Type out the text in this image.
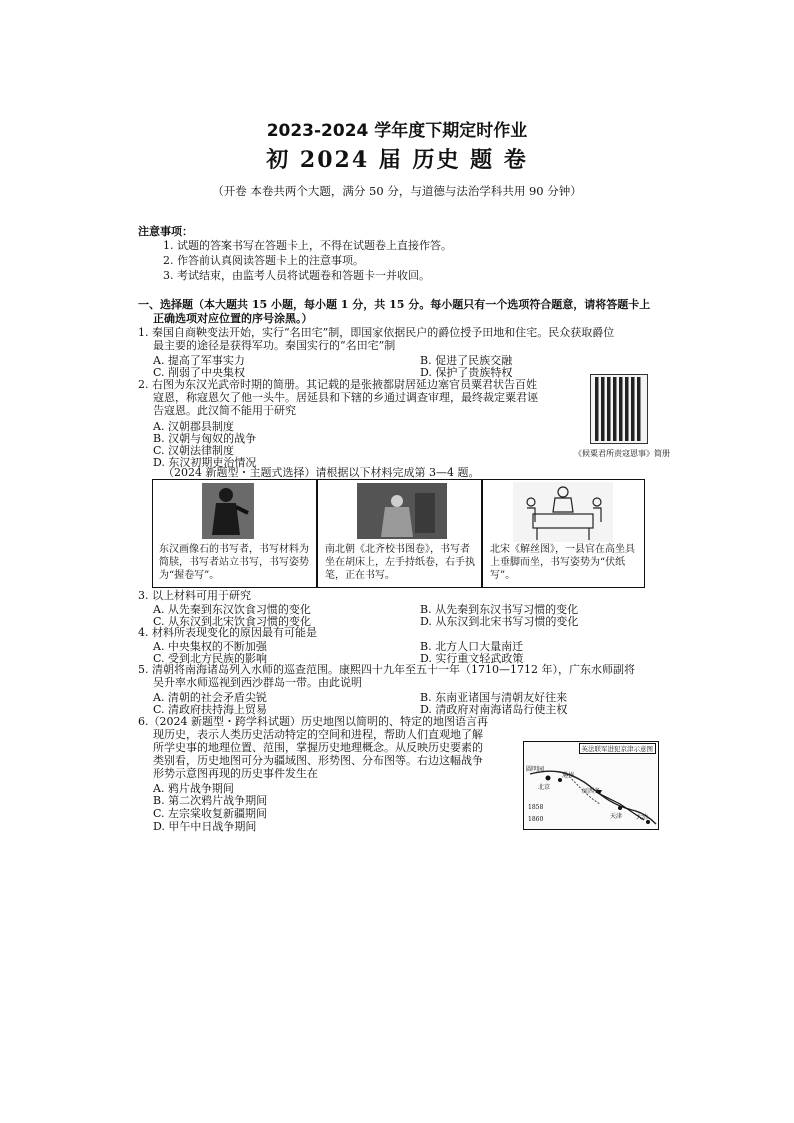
2023-2024 学年度下期定时作业
初 2024 届 历史 题 卷
（开卷 本卷共两个大题，满分 50 分，与道德与法治学科共用 90 分钟）
注意事项：
1. 试题的答案书写在答题卡上，不得在试题卷上直接作答。
2. 作答前认真阅读答题卡上的注意事项。
3. 考试结束，由监考人员将试题卷和答题卡一并收回。
一、选择题（本大题共 15 小题，每小题 1 分，共 15 分。每小题只有一个选项符合题意，请将答题卡上
正确选项对应位置的序号涂黑。）
1. 秦国自商鞅变法开始，实行“名田宅”制，即国家依据民户的爵位授予田地和住宅。民众获取爵位
最主要的途径是获得军功。秦国实行的“名田宅”制
A. 提高了军事实力	B. 促进了民族交融
C. 削弱了中央集权	D. 保护了贵族特权
2. 右图为东汉光武帝时期的简册。其记载的是张掖都尉居延边塞官员粟君状告百姓
寇恩，称寇恩欠了他一头牛。居延县和下辖的乡通过调查审理，最终裁定粟君诬
告寇恩。此汉简不能用于研究
A. 汉朝郡县制度
B. 汉朝与匈奴的战争
C. 汉朝法律制度
D. 东汉初期吏治情况
《候粟君所责寇恩事》简册
（2024 新题型・主题式选择）请根据以下材料完成第 3—4 题。
东汉画像石的书写者，书写材料为简牍，书写者站立书写，书写姿势为“握卷写”。
南北朝《北齐校书图卷》，书写者坐在胡床上，左手持纸卷，右手执笔，正在书写。
北宋《解丝图》，一县官在高坐具上垂脚而坐，书写姿势为“伏纸写”。
3. 以上材料可用于研究
A. 从先秦到东汉饮食习惯的变化	B. 从先秦到东汉书写习惯的变化
C. 从东汉到北宋饮食习惯的变化	D. 从东汉到北宋书写习惯的变化
4. 材料所表现变化的原因最有可能是
A. 中央集权的不断加强	B. 北方人口大量南迁
C. 受到北方民族的影响	D. 实行重文轻武政策
5. 清朝将南海诸岛列入水师的巡查范围。康熙四十九年至五十一年（1710—1712 年），广东水师副将
吴升率水师巡视到西沙群岛一带。由此说明
A. 清朝的社会矛盾尖锐	B. 东南亚诸国与清朝友好往来
C. 清政府扶持海上贸易	D. 清政府对南海诸岛行使主权
6.（2024 新题型・跨学科试题）历史地图以简明的、特定的地图语言再
现历史，表示人类历史活动特定的空间和进程，帮助人们直观地了解
所学史事的地理位置、范围，掌握历史地理概念。从反映历史要素的
类别看，历史地图可分为疆域图、形势图、分布图等。右边这幅战争
形势示意图再现的历史事件发生在
A. 鸦片战争期间
B. 第二次鸦片战争期间
C. 左宗棠收复新疆期间
D. 甲午中日战争期间
英法联军进犯京津示意图
圆明园
北京
通州
天津 大沽
河西务
1860
1858
